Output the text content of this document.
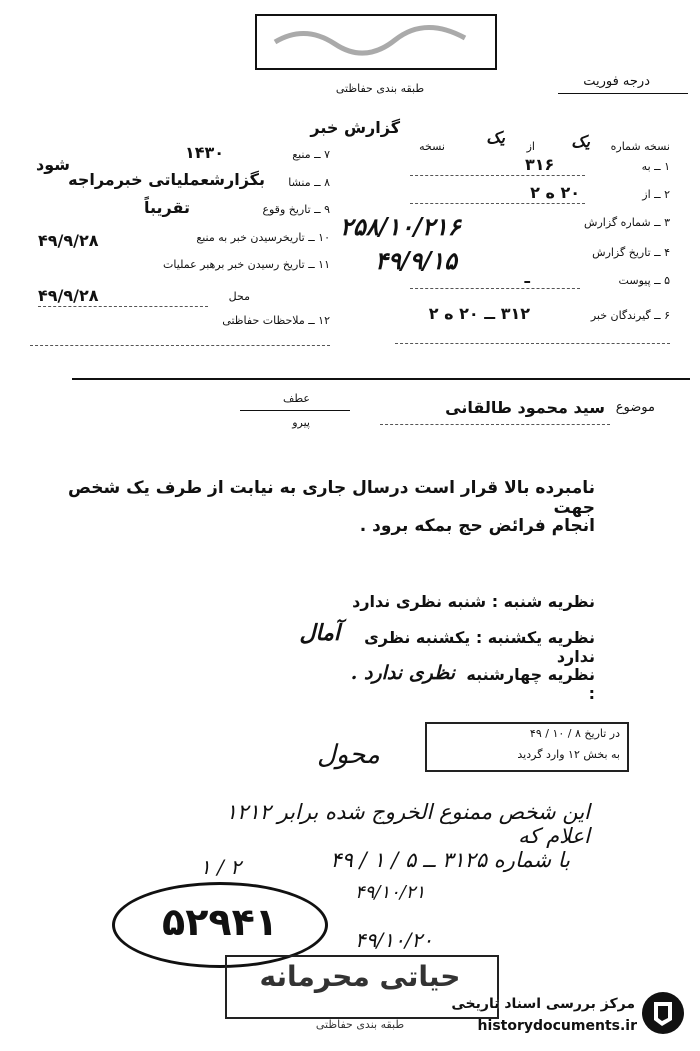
طبقه بندی حفاظتی	درجه فوریت
گزارش خبر
۷ ــ منبع
۱۴۳۰
۸ ــ منشا
بگزارشعملیاتی خبرمراجه
شود
۹ ــ تاریخ وقوع
تقریباً
۱۰ ــ تاریخرسیدن خبر به منبع
۴۹/۹/۲۸
۱۱ ــ تاریخ رسیدن خبر برهبر عملیات
محل
۴۹/۹/۲۸
۱۲ ــ ملاحظات حفاظتی
نسخه شماره
یک
از
یک
نسخه
۱ ــ به
۳۱۶
۲ ــ از
۲۰ ه ۲
۳ ــ شماره گزارش
۲۵۸/۱۰/۲۱۶
۴ ــ تاریخ گزارش
۴۹/۹/۱۵
۵ ــ پیوست
ـ
۶ ــ گیرندگان خبر
۳۱۲ ــ ۲۰ ه ۲
عطف
پیرو
موضوع
سید محمود طالقانی
نامبرده بالا قرار است درسال جاری به نیابت از طرف یک شخص جهت
انجام فرائض حج بمکه برود .
نظریه شنبه : شنبه نظری ندارد
نظریه یکشنبه : یکشنبه نظری ندارد
آمال
نظریه چهارشنبه :
نظری ندارد .
در تاریخ ۸ / ۱۰ / ۴۹
به بخش ۱۲ وارد گردید
محول
این شخص ممنوع الخروج شده برابر ۱۲۱۲ اعلام که
با شماره ۳۱۲۵ ــ ۵ / ۱ / ۴۹
۱ / ۲
۴۹/۱۰/۲۱
۵۲۹۴۱	۴۹/۱۰/۲۰
حیاتی محرمانه
طبقه بندی حفاظتی
مرکز بررسی اسناد تاریخی
historydocuments.ir
